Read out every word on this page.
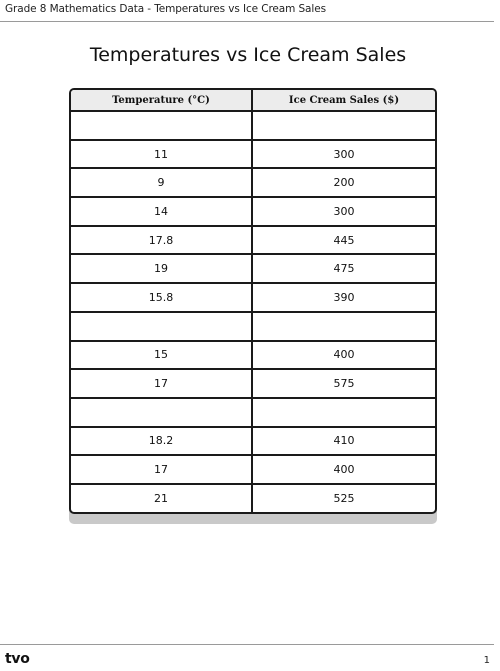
Grade 8 Mathematics Data - Temperatures vs Ice Cream Sales
Temperatures vs Ice Cream Sales
Temperature (°C)	Ice Cream Sales ($)

11	300
9	200
14	300
17.8	445
19	475
15.8	390

15	400
17	575

18.2	410
17	400
21	525
tvo	1
